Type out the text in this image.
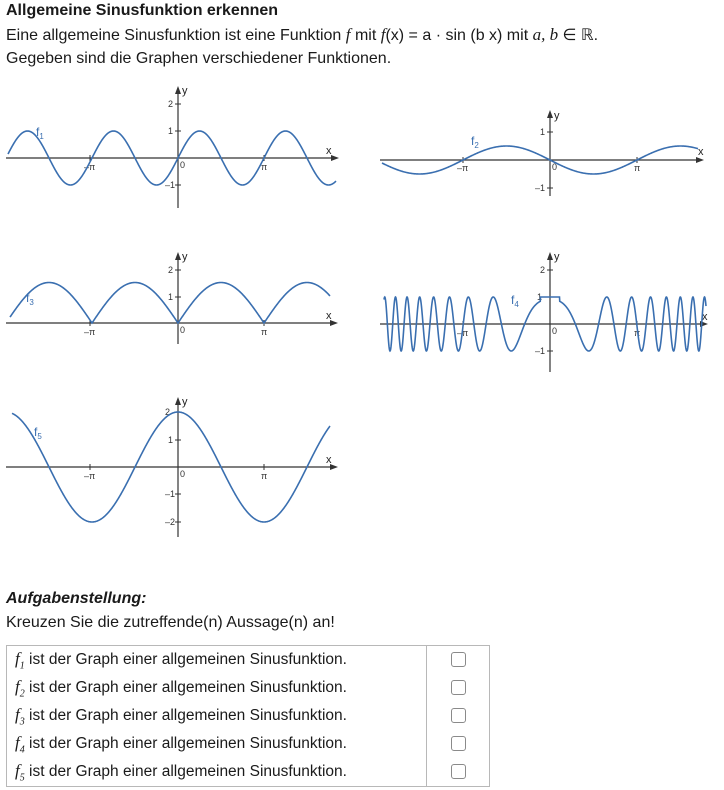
Allgemeine Sinusfunktion erkennen
Eine allgemeine Sinusfunktion ist eine Funktion f mit f(x) = a · sin (b x) mit a, b ∈ ℝ.
Gegeben sind die Graphen verschiedener Funktionen.
2
1
–1
–π	0	π
x
y
$f_1$	1
–1
–π	0	π
x
y
$f_2$
2
1
–π	0	π
x
y
$f_3$
2
1
–1
–π	0	π
x
y
$f_4$
2
1
–1
–2
–π	0	π
x
y
$f_5$
Aufgabenstellung:
Kreuzen Sie die zutreffende(n) Aussage(n) an!
$f_1$ ist der Graph einer allgemeinen Sinusfunktion.	
$f_2$ ist der Graph einer allgemeinen Sinusfunktion.	
$f_3$ ist der Graph einer allgemeinen Sinusfunktion.	
$f_4$ ist der Graph einer allgemeinen Sinusfunktion.	
$f_5$ ist der Graph einer allgemeinen Sinusfunktion.	
